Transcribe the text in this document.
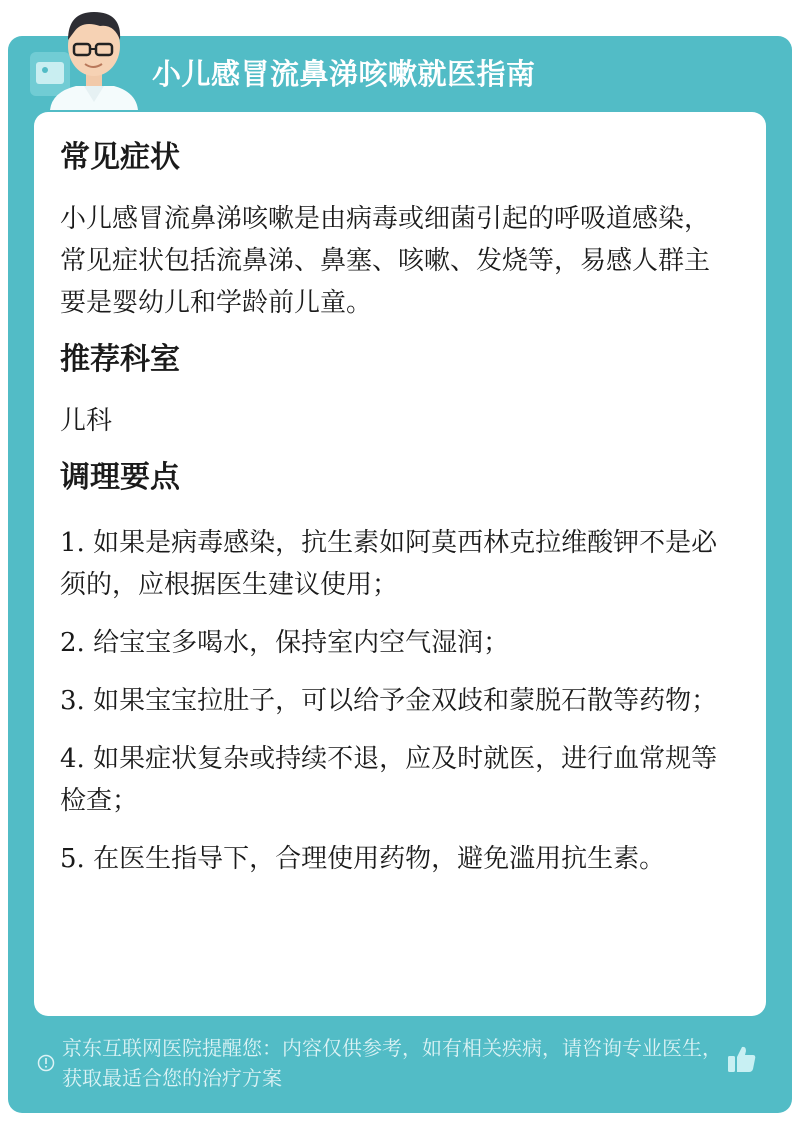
小儿感冒流鼻涕咳嗽就医指南
常见症状

小儿感冒流鼻涕咳嗽是由病毒或细菌引起的呼吸道感染，常见症状包括流鼻涕、鼻塞、咳嗽、发烧等，易感人群主要是婴幼儿和学龄前儿童。

推荐科室

儿科

调理要点

1. 如果是病毒感染，抗生素如阿莫西林克拉维酸钾不是必须的，应根据医生建议使用；

2. 给宝宝多喝水，保持室内空气湿润；

3. 如果宝宝拉肚子，可以给予金双歧和蒙脱石散等药物；

4. 如果症状复杂或持续不退，应及时就医，进行血常规等检查；

5. 在医生指导下，合理使用药物，避免滥用抗生素。

京东互联网医院提醒您：内容仅供参考，如有相关疾病，请咨询专业医生，获取最适合您的治疗方案
